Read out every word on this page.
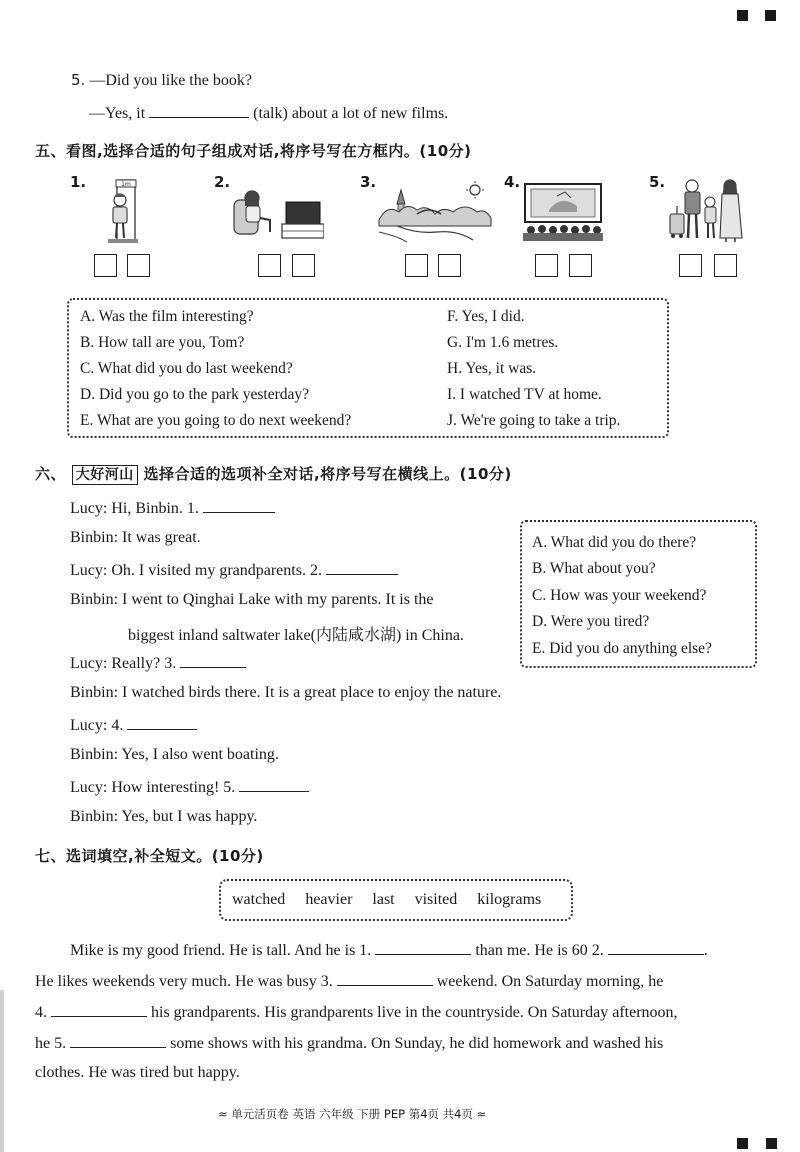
5. —Did you like the book?
—Yes, it	(talk) about a lot of new films.
五、看图,选择合适的句子组成对话,将序号写在方框内。(10分)
1.	2.	3.	4.	5.
1m
A. Was the film interesting?
B. How tall are you, Tom?
C. What did you do last weekend?
D. Did you go to the park yesterday?
E. What are you going to do next weekend?
F. Yes, I did.
G. I'm 1.6 metres.
H. Yes, it was.
I. I watched TV at home.
J. We're going to take a trip.
六、 大好河山 选择合适的选项补全对话,将序号写在横线上。(10分)
Lucy: Hi, Binbin. 1.
Binbin: It was great.
Lucy: Oh. I visited my grandparents. 2.
Binbin: I went to Qinghai Lake with my parents. It is the
biggest inland saltwater lake(内陆咸水湖) in China.
Lucy: Really? 3.
Binbin: I watched birds there. It is a great place to enjoy the nature.
Lucy: 4.
Binbin: Yes, I also went boating.
Lucy: How interesting! 5.
Binbin: Yes, but I was happy.
A. What did you do there?
B. What about you?
C. How was your weekend?
D. Were you tired?
E. Did you do anything else?
七、选词填空,补全短文。(10分)
watched heavier last visited kilograms
Mike is my good friend. He is tall. And he is 1.	than me. He is 60 2.	.
He likes weekends very much. He was busy 3.	weekend. On Saturday morning, he
4.	his grandparents. His grandparents live in the countryside. On Saturday afternoon,
he 5.	some shows with his grandma. On Sunday, he did homework and washed his
clothes. He was tired but happy.
≈ 单元活页卷 英语 六年级 下册 PEP 第4页 共4页 ≈
